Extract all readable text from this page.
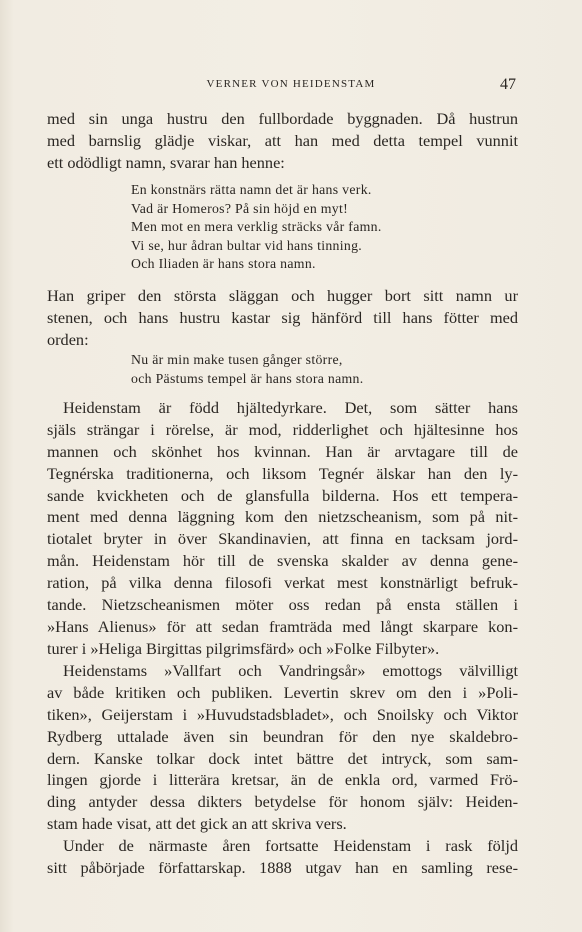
VERNER VON HEIDENSTAM	47
med sin unga hustru den fullbordade byggnaden. Då hustrun
med barnslig glädje viskar, att han med detta tempel vunnit
ett odödligt namn, svarar han henne:
En konstnärs rätta namn det är hans verk.
Vad är Homeros? På sin höjd en myt!
Men mot en mera verklig sträcks vår famn.
Vi se, hur ådran bultar vid hans tinning.
Och Iliaden är hans stora namn.
Han griper den största släggan och hugger bort sitt namn ur
stenen, och hans hustru kastar sig hänförd till hans fötter med
orden:
Nu är min make tusen gånger större,
och Pästums tempel är hans stora namn.
Heidenstam är född hjältedyrkare. Det, som sätter hans
själs strängar i rörelse, är mod, ridderlighet och hjältesinne hos
mannen och skönhet hos kvinnan. Han är arvtagare till de
Tegnérska traditionerna, och liksom Tegnér älskar han den ly-
sande kvickheten och de glansfulla bilderna. Hos ett tempera-
ment med denna läggning kom den nietzscheanism, som på nit-
tiotalet bryter in över Skandinavien, att finna en tacksam jord-
mån. Heidenstam hör till de svenska skalder av denna gene-
ration, på vilka denna filosofi verkat mest konstnärligt befruk-
tande. Nietzscheanismen möter oss redan på ensta ställen i
»Hans Alienus» för att sedan framträda med långt skarpare kon-
turer i »Heliga Birgittas pilgrimsfärd» och »Folke Filbyter».
Heidenstams »Vallfart och Vandringsår» emottogs välvilligt
av både kritiken och publiken. Levertin skrev om den i »Poli-
tiken», Geijerstam i »Huvudstadsbladet», och Snoilsky och Viktor
Rydberg uttalade även sin beundran för den nye skaldebro-
dern. Kanske tolkar dock intet bättre det intryck, som sam-
lingen gjorde i litterära kretsar, än de enkla ord, varmed Frö-
ding antyder dessa dikters betydelse för honom själv: Heiden-
stam hade visat, att det gick an att skriva vers.
Under de närmaste åren fortsatte Heidenstam i rask följd
sitt påbörjade författarskap. 1888 utgav han en samling rese-
